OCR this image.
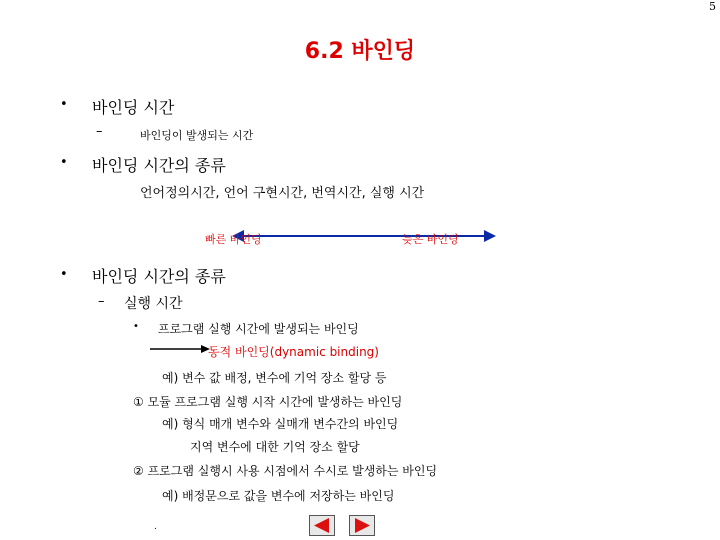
5
6.2 바인딩
• 바인딩 시간
–	바인딩이 발생되는 시간
• 바인딩 시간의 종류
언어정의시간, 언어 구현시간, 번역시간, 실행 시간
빠른 바인딩	늦은 바인딩
• 바인딩 시간의 종류
– 실행 시간
• 프로그램 실행 시간에 발생되는 바인딩
동적 바인딩(dynamic binding)
예) 변수 값 배정, 변수에 기억 장소 할당 등
① 모듈 프로그램 실행 시작 시간에 발생하는 바인딩
예) 형식 매개 변수와 실매개 변수간의 바인딩
지역 변수에 대한 기억 장소 할당
② 프로그램 실행시 사용 시점에서 수시로 발생하는 바인딩
예) 배정문으로 값을 변수에 저장하는 바인딩
.
